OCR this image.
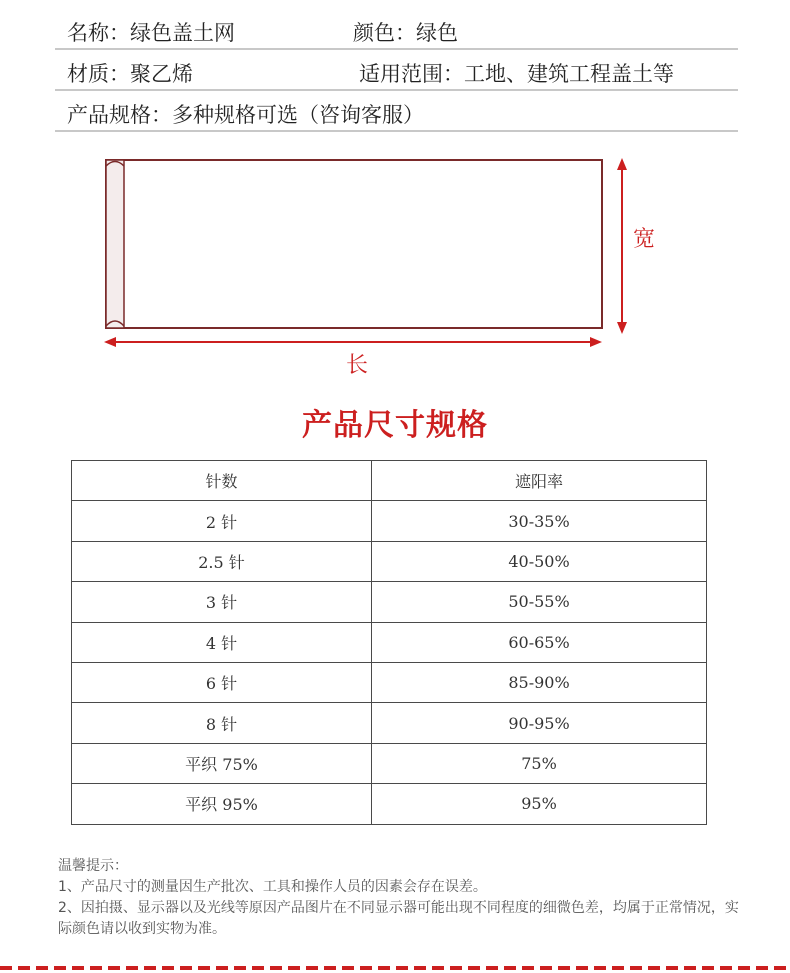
名称：绿色盖土网	颜色：绿色
材质：聚乙烯	适用范围：工地、建筑工程盖土等
产品规格：多种规格可选（咨询客服）
宽
长
产品尺寸规格
针数	遮阳率
2 针	30-35%
2.5 针	40-50%
3 针	50-55%
4 针	60-65%
6 针	85-90%
8 针	90-95%
平织 75%	75%
平织 95%	95%
温馨提示：
1、产品尺寸的测量因生产批次、工具和操作人员的因素会存在误差。
2、因拍摄、显示器以及光线等原因产品图片在不同显示器可能出现不同程度的细微色差，均属于正常情况，实际颜色请以收到实物为准。
